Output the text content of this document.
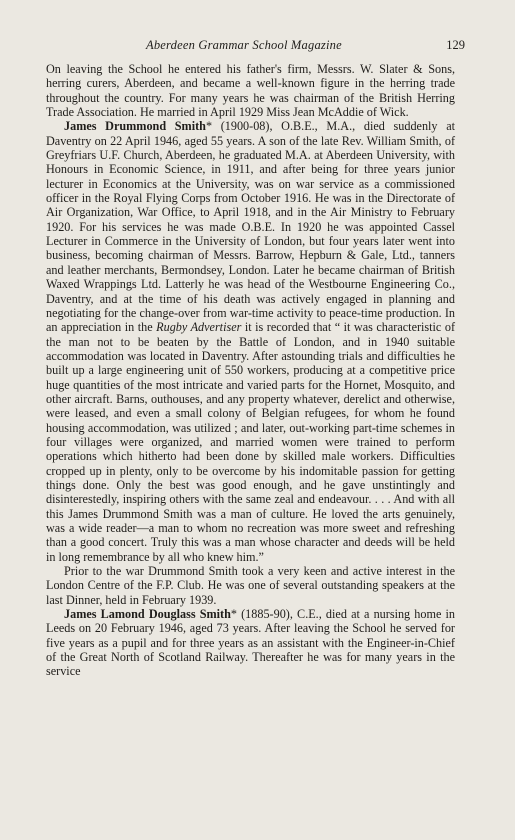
Aberdeen Grammar School Magazine	129

On leaving the School he entered his father's firm, Messrs. W. Slater & Sons, herring curers, Aberdeen, and became a well-known figure in the herring trade throughout the country. For many years he was chairman of the British Herring Trade Association. He married in April 1929 Miss Jean McAddie of Wick.

James Drummond Smith* (1900-08), O.B.E., M.A., died suddenly at Daventry on 22 April 1946, aged 55 years. A son of the late Rev. William Smith, of Greyfriars U.F. Church, Aberdeen, he graduated M.A. at Aberdeen University, with Honours in Economic Science, in 1911, and after being for three years junior lecturer in Economics at the University, was on war service as a commissioned officer in the Royal Flying Corps from October 1916. He was in the Directorate of Air Organization, War Office, to April 1918, and in the Air Ministry to February 1920. For his services he was made O.B.E. In 1920 he was appointed Cassel Lecturer in Commerce in the University of London, but four years later went into business, becoming chairman of Messrs. Barrow, Hepburn & Gale, Ltd., tanners and leather merchants, Bermondsey, London. Later he became chairman of British Waxed Wrappings Ltd. Latterly he was head of the Westbourne Engineering Co., Daventry, and at the time of his death was actively engaged in planning and negotiating for the change-over from war-time activity to peace-time production. In an appreciation in the Rugby Advertiser it is recorded that “ it was characteristic of the man not to be beaten by the Battle of London, and in 1940 suitable accommodation was located in Daventry. After astounding trials and difficulties he built up a large engineering unit of 550 workers, producing at a competitive price huge quantities of the most intricate and varied parts for the Hornet, Mosquito, and other aircraft. Barns, outhouses, and any property whatever, derelict and otherwise, were leased, and even a small colony of Belgian refugees, for whom he found housing accommodation, was utilized ; and later, out-working part-time schemes in four villages were organized, and married women were trained to perform operations which hitherto had been done by skilled male workers. Difficulties cropped up in plenty, only to be overcome by his indomitable passion for getting things done. Only the best was good enough, and he gave unstintingly and disinterestedly, inspiring others with the same zeal and endeavour. . . . And with all this James Drummond Smith was a man of culture. He loved the arts genuinely, was a wide reader—a man to whom no recreation was more sweet and refreshing than a good concert. Truly this was a man whose character and deeds will be held in long remembrance by all who knew him.”

Prior to the war Drummond Smith took a very keen and active interest in the London Centre of the F.P. Club. He was one of several outstanding speakers at the last Dinner, held in February 1939.

James Lamond Douglass Smith* (1885-90), C.E., died at a nursing home in Leeds on 20 February 1946, aged 73 years. After leaving the School he served for five years as a pupil and for three years as an assistant with the Engineer-in-Chief of the Great North of Scotland Railway. Thereafter he was for many years in the service
